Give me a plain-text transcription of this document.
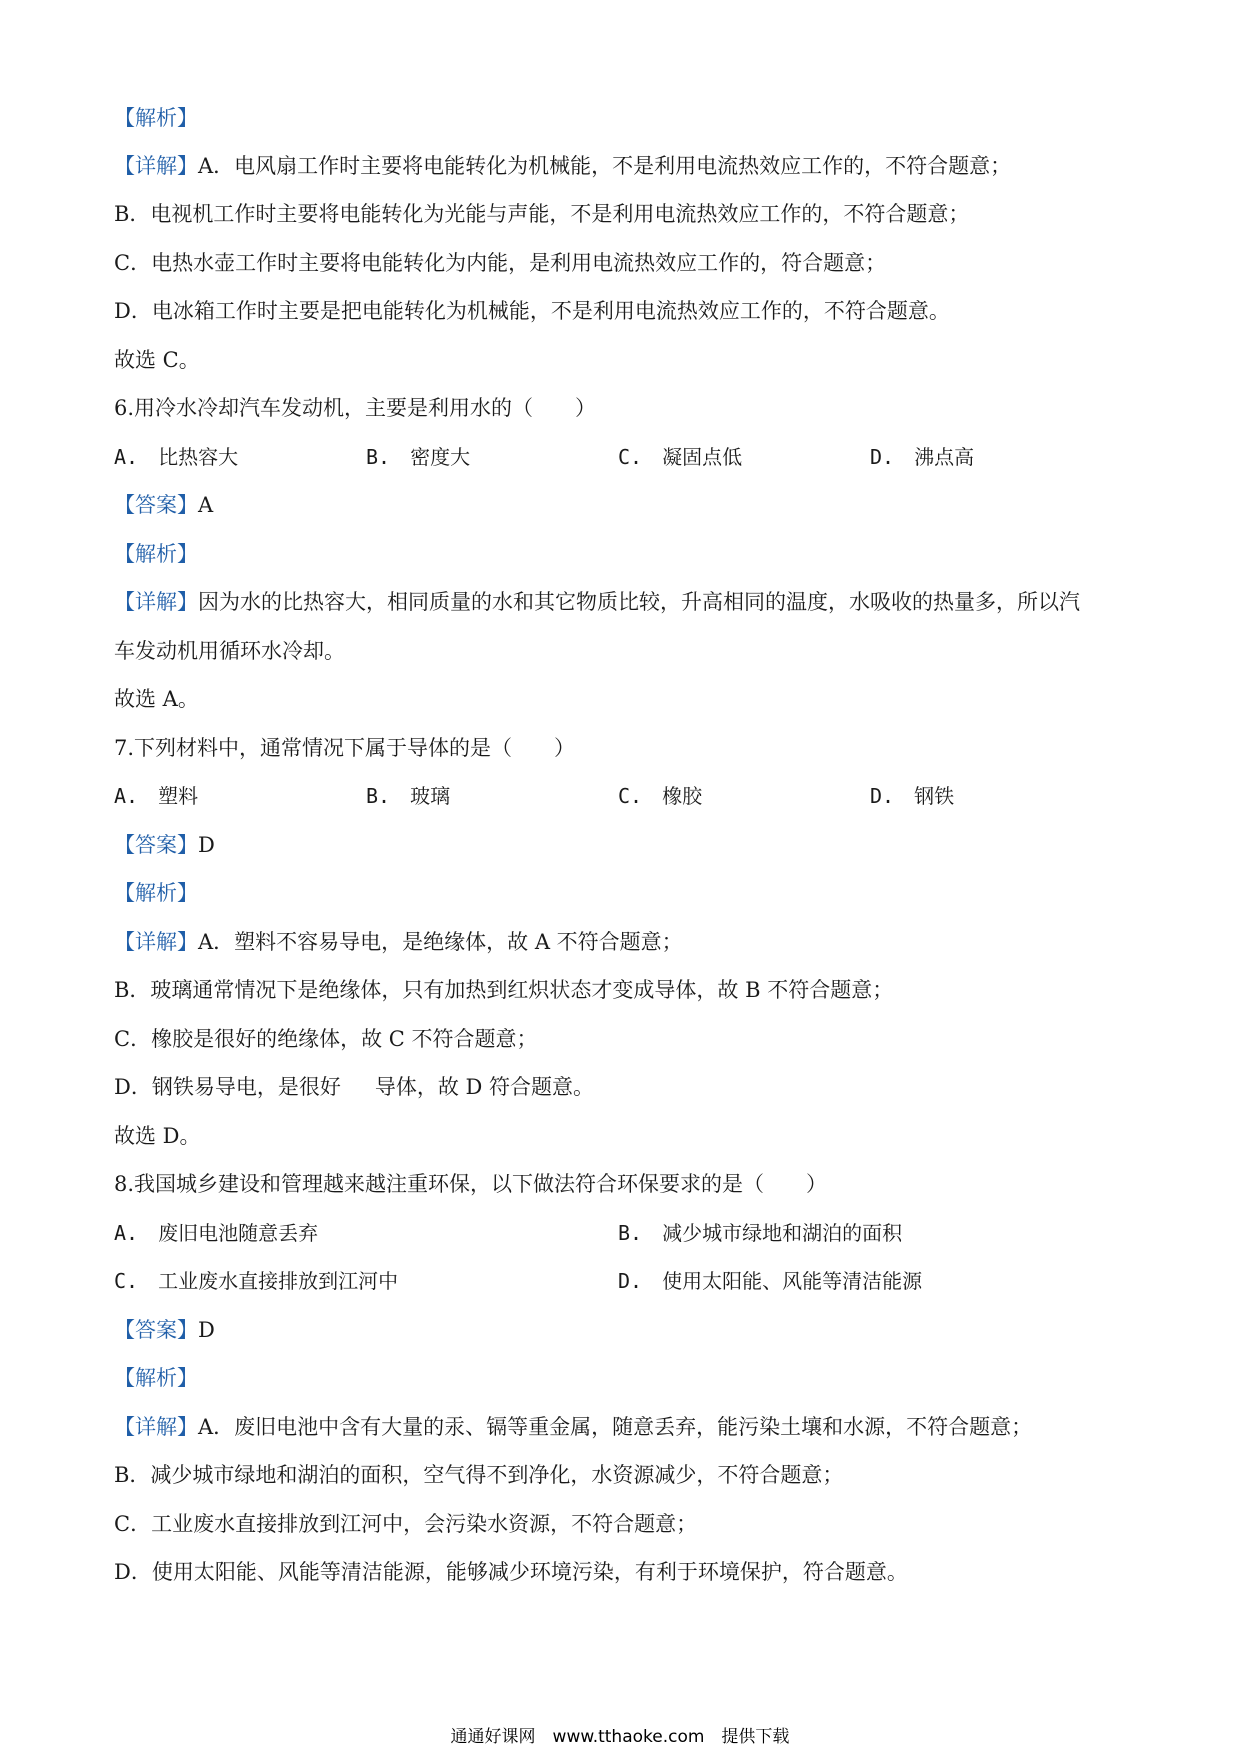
【解析】
【详解】A．电风扇工作时主要将电能转化为机械能，不是利用电流热效应工作的，不符合题意；
B．电视机工作时主要将电能转化为光能与声能，不是利用电流热效应工作的，不符合题意；
C．电热水壶工作时主要将电能转化为内能，是利用电流热效应工作的，符合题意；
D．电冰箱工作时主要是把电能转化为机械能，不是利用电流热效应工作的，不符合题意。
故选 C。
6.用冷水冷却汽车发动机，主要是利用水的（　　）
A.　比热容大	B.　密度大	C.　凝固点低	D.　沸点高
【答案】A
【解析】
【详解】因为水的比热容大，相同质量的水和其它物质比较，升高相同的温度，水吸收的热量多，所以汽
车发动机用循环水冷却。
故选 A。
7.下列材料中，通常情况下属于导体的是（　　）
A.　塑料	B.　玻璃	C.　橡胶	D.　钢铁
【答案】D
【解析】
【详解】A．塑料不容易导电，是绝缘体，故 A 不符合题意；
B．玻璃通常情况下是绝缘体，只有加热到红炽状态才变成导体，故 B 不符合题意；
C．橡胶是很好的绝缘体，故 C 不符合题意；
D．钢铁易导电，是很好 导体，故 D 符合题意。
故选 D。
8.我国城乡建设和管理越来越注重环保，以下做法符合环保要求的是（　　）
A.　废旧电池随意丢弃	B.　减少城市绿地和湖泊的面积
C.　工业废水直接排放到江河中	D.　使用太阳能、风能等清洁能源
【答案】D
【解析】
【详解】A．废旧电池中含有大量的汞、镉等重金属，随意丢弃，能污染土壤和水源，不符合题意；
B．减少城市绿地和湖泊的面积，空气得不到净化，水资源减少，不符合题意；
C．工业废水直接排放到江河中，会污染水资源，不符合题意；
D．使用太阳能、风能等清洁能源，能够减少环境污染，有利于环境保护，符合题意。
通通好课网　www.tthaoke.com　提供下载
